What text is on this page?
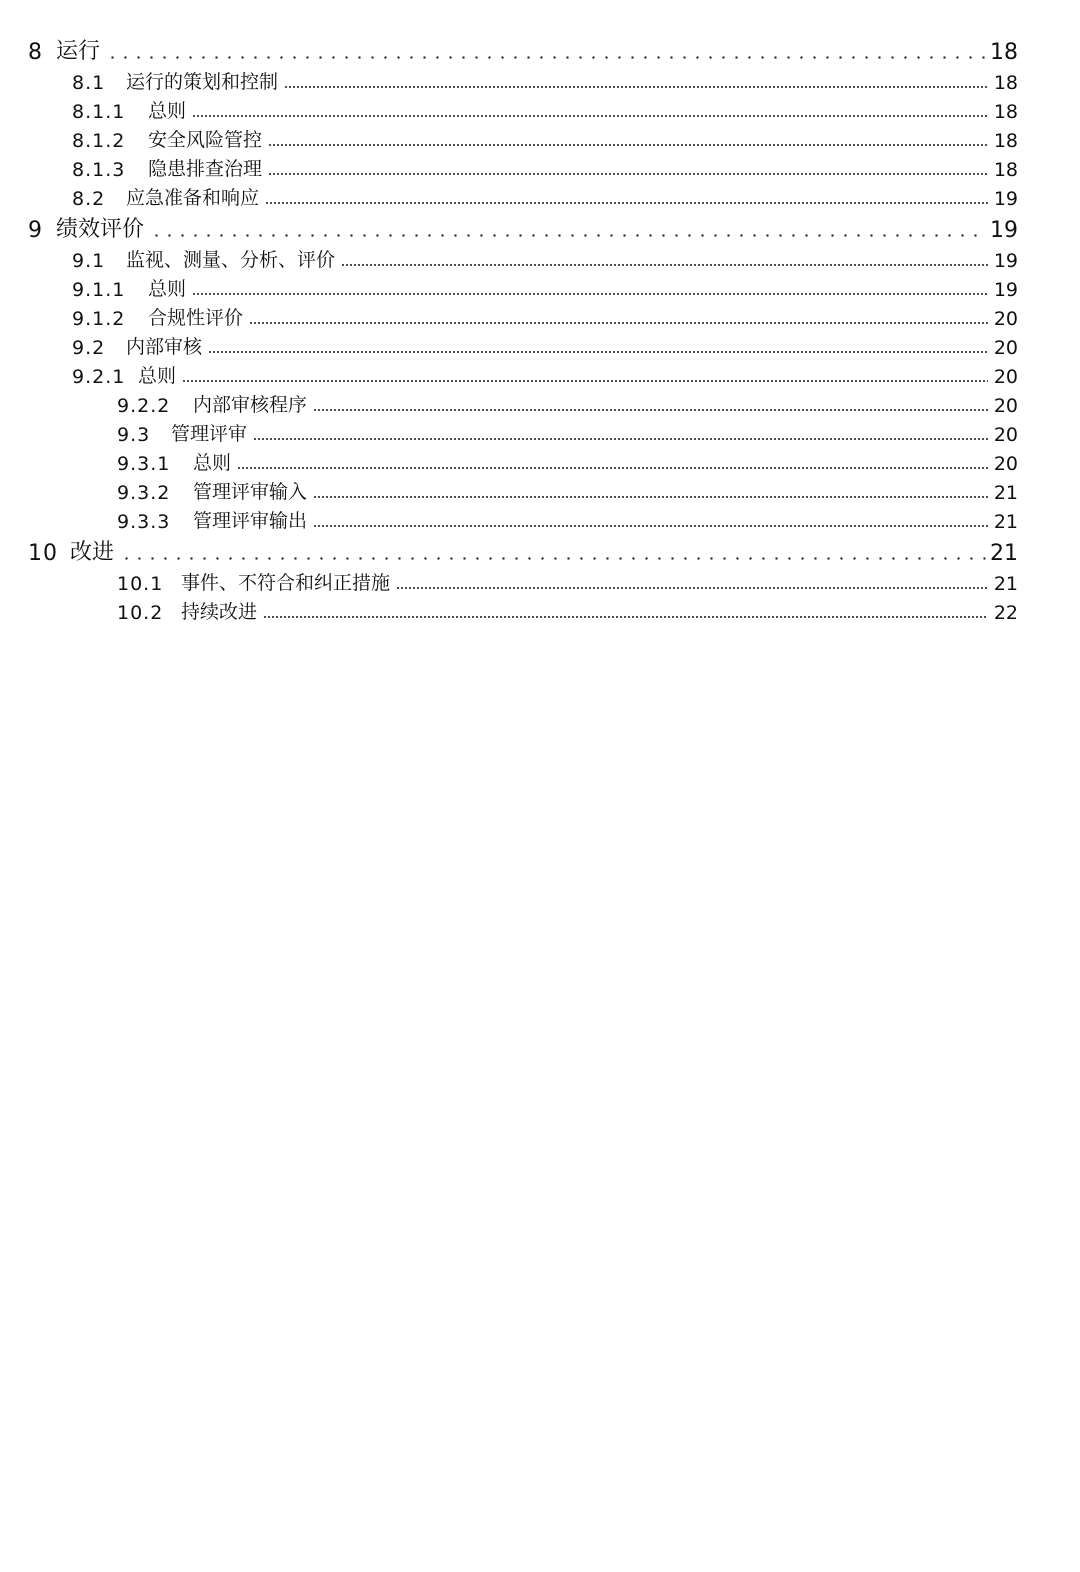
8 运行	18
8.1	运行的策划和控制	18
8.1.1	总则	18
8.1.2	安全风险管控	18
8.1.3	隐患排查治理	18
8.2	应急准备和响应	19
9 绩效评价	19
9.1	监视、测量、分析、评价	19
9.1.1	总则	19
9.1.2	合规性评价	20
9.2	内部审核	20
9.2.1 总则	20
9.2.2	内部审核程序	20
9.3	管理评审	20
9.3.1	总则	20
9.3.2	管理评审输入	21
9.3.3	管理评审输出	21
10 改进	21
10.1 事件、不符合和纠正措施	21
10.2 持续改进	22
